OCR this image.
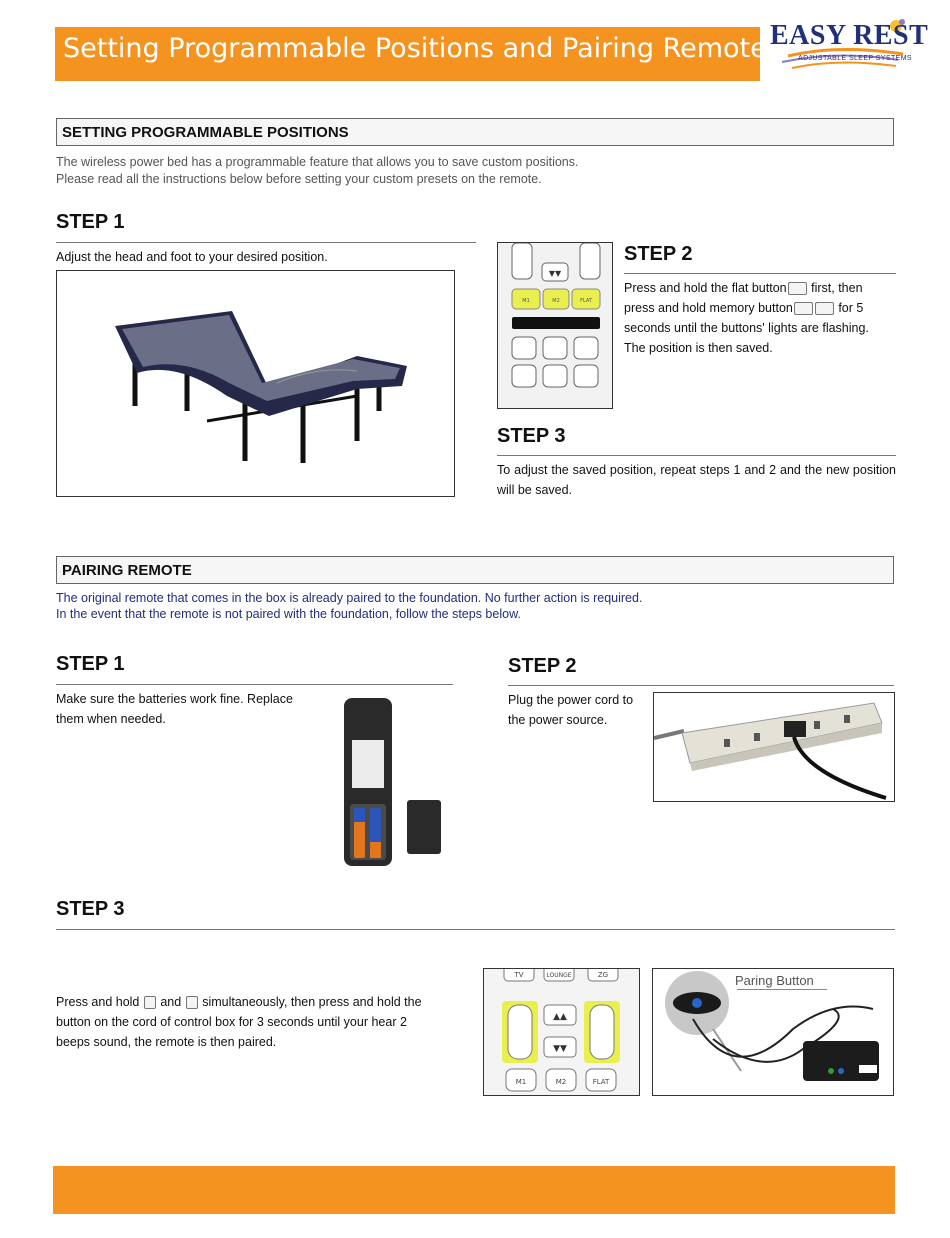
Setting Programmable Positions and Pairing Remote EASY REST
ADJUSTABLE SLEEP SYSTEMS
SETTING PROGRAMMABLE POSITIONS
The wireless power bed has a programmable feature that allows you to save custom positions.
Please read all the instructions below before setting your custom presets on the remote.
STEP 1
Adjust the head and foot to your desired position.
▼▼
M1	M2	FLAT
STEP 2
Press and hold the flat button first, then press and hold memory button	for 5 seconds until the buttons' lights are flashing. The position is then saved.
STEP 3
To adjust the saved position, repeat steps 1 and 2 and the new position will be saved.
PAIRING REMOTE
The original remote that comes in the box is already paired to the foundation. No further action is required.
In the event that the remote is not paired with the foundation, follow the steps below.
STEP 1
Make sure the batteries work fine. Replace them when needed.
STEP 2
Plug the power cord to the power source.
STEP 3
Press and hold and simultaneously, then press and hold the button on the cord of control box for 3 seconds until your hear 2 beeps sound, the remote is then paired.
TV	LOUNGE	ZG
▲▲
▼▼
M1	M2	FLAT
Paring Button
